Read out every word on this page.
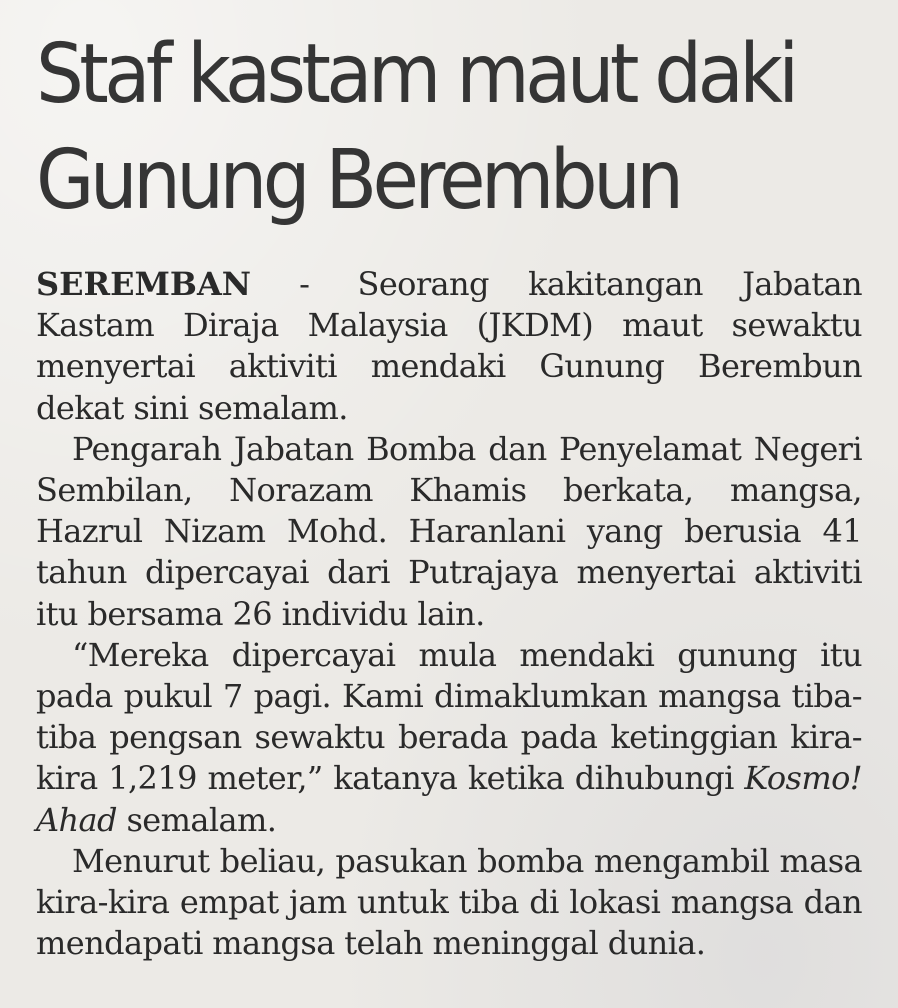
Staf kastam maut daki
Gunung Berembun

SEREMBAN - Seorang kakitangan Jabatan Kastam Diraja Malaysia (JKDM) maut sewaktu menyertai aktiviti mendaki Gunung Berembun dekat sini semalam.

Pengarah Jabatan Bomba dan Penyelamat Negeri Sembilan, Norazam Khamis berkata, mangsa, Hazrul Nizam Mohd. Haranlani yang berusia 41 tahun dipercayai dari Putrajaya menyertai aktiviti itu bersama 26 individu lain.

“Mereka dipercayai mula mendaki gunung itu pada pukul 7 pagi. Kami dimaklumkan mangsa tiba-tiba pengsan sewaktu berada pada ketinggian kira-kira 1,219 meter,” katanya ketika dihubungi Kosmo! Ahad semalam.

Menurut beliau, pasukan bomba mengambil masa kira-kira empat jam untuk tiba di lokasi mangsa dan mendapati mangsa telah meninggal dunia.
